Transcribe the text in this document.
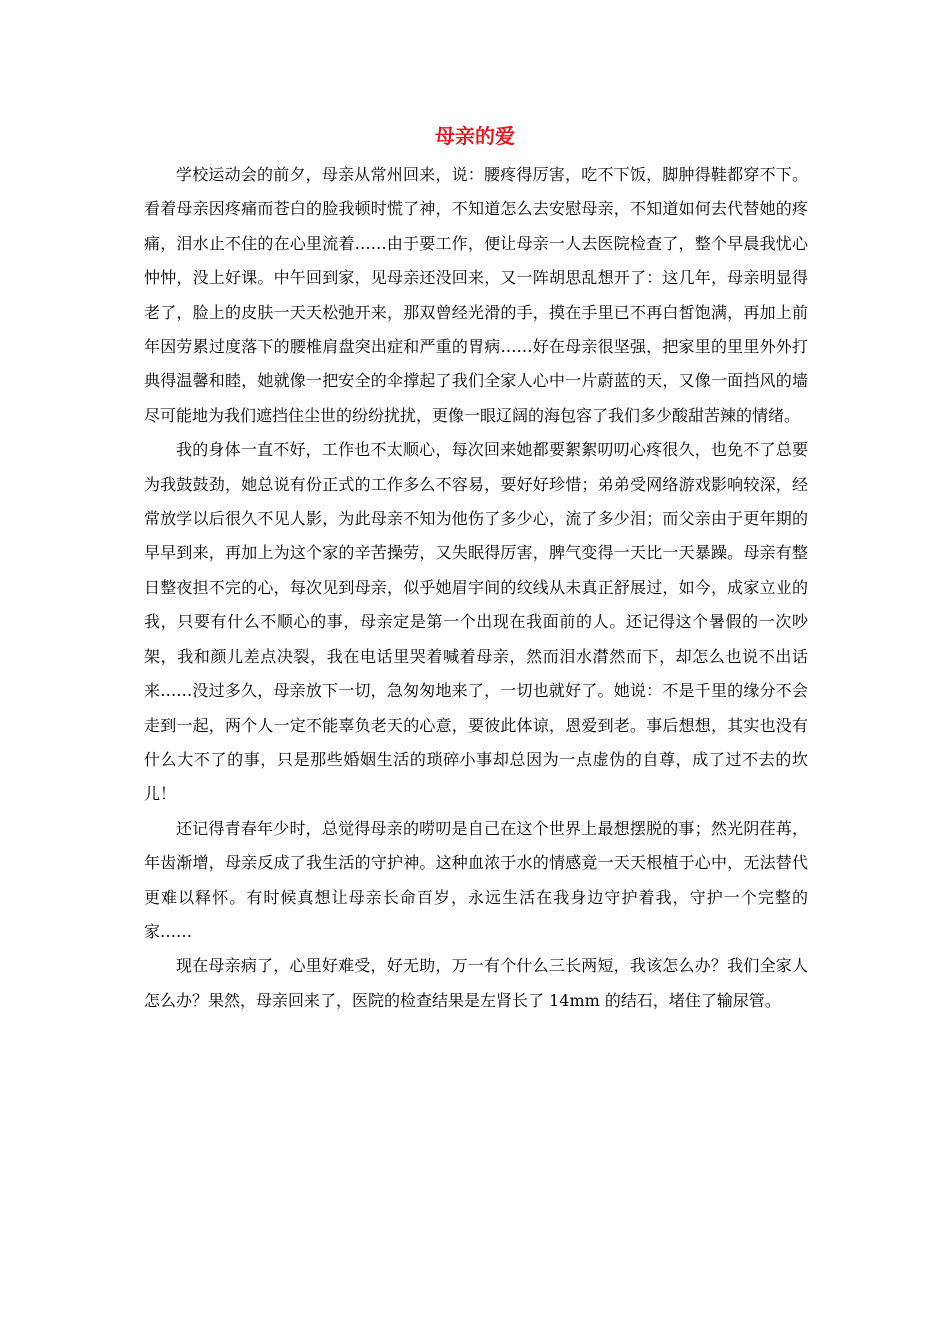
母亲的爱

学校运动会的前夕，母亲从常州回来，说：腰疼得厉害，吃不下饭，脚肿得鞋都穿不下。看着母亲因疼痛而苍白的脸我顿时慌了神，不知道怎么去安慰母亲，不知道如何去代替她的疼痛，泪水止不住的在心里流着……由于要工作，便让母亲一人去医院检查了，整个早晨我忧心忡忡，没上好课。中午回到家，见母亲还没回来，又一阵胡思乱想开了：这几年，母亲明显得老了，脸上的皮肤一天天松弛开来，那双曾经光滑的手，摸在手里已不再白皙饱满，再加上前年因劳累过度落下的腰椎肩盘突出症和严重的胃病……好在母亲很坚强，把家里的里里外外打典得温馨和睦，她就像一把安全的伞撑起了我们全家人心中一片蔚蓝的天，又像一面挡风的墙尽可能地为我们遮挡住尘世的纷纷扰扰，更像一眼辽阔的海包容了我们多少酸甜苦辣的情绪。

我的身体一直不好，工作也不太顺心，每次回来她都要絮絮叨叨心疼很久，也免不了总要为我鼓鼓劲，她总说有份正式的工作多么不容易，要好好珍惜；弟弟受网络游戏影响较深，经常放学以后很久不见人影，为此母亲不知为他伤了多少心，流了多少泪；而父亲由于更年期的早早到来，再加上为这个家的辛苦操劳，又失眠得厉害，脾气变得一天比一天暴躁。母亲有整日整夜担不完的心，每次见到母亲，似乎她眉宇间的纹线从未真正舒展过，如今，成家立业的我，只要有什么不顺心的事，母亲定是第一个出现在我面前的人。还记得这个暑假的一次吵架，我和颜儿差点决裂，我在电话里哭着喊着母亲，然而泪水潸然而下，却怎么也说不出话来……没过多久，母亲放下一切，急匆匆地来了，一切也就好了。她说：不是千里的缘分不会走到一起，两个人一定不能辜负老天的心意，要彼此体谅，恩爱到老。事后想想，其实也没有什么大不了的事，只是那些婚姻生活的琐碎小事却总因为一点虚伪的自尊，成了过不去的坎儿！

还记得青春年少时，总觉得母亲的唠叨是自己在这个世界上最想摆脱的事；然光阴荏苒，年齿渐增，母亲反成了我生活的守护神。这种血浓于水的情感竟一天天根植于心中，无法替代更难以释怀。有时候真想让母亲长命百岁，永远生活在我身边守护着我，守护一个完整的家……

现在母亲病了，心里好难受，好无助，万一有个什么三长两短，我该怎么办？我们全家人怎么办？果然，母亲回来了，医院的检查结果是左肾长了 14mm 的结石，堵住了输尿管。
